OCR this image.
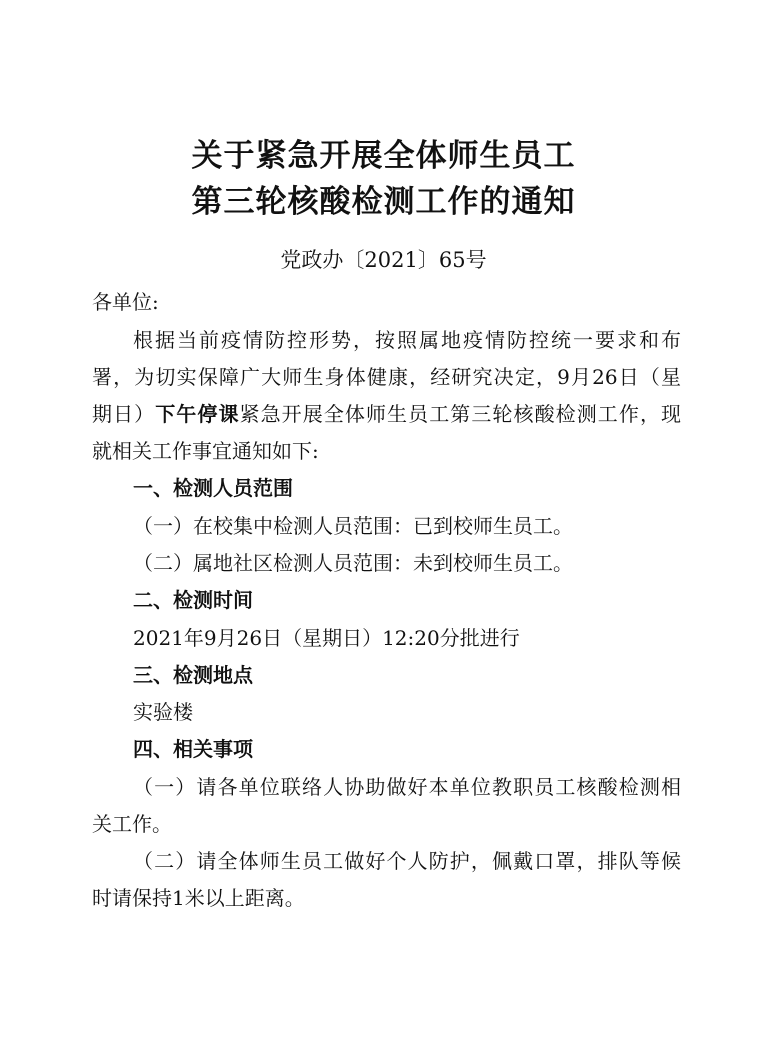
关于紧急开展全体师生员工
第三轮核酸检测工作的通知
党政办〔2021〕65号
各单位:
根据当前疫情防控形势，按照属地疫情防控统一要求和布
署，为切实保障广大师生身体健康，经研究决定，9月26日（星
期日）下午停课紧急开展全体师生员工第三轮核酸检测工作，现
就相关工作事宜通知如下:
一、检测人员范围
（一）在校集中检测人员范围：已到校师生员工。
（二）属地社区检测人员范围：未到校师生员工。
二、检测时间
2021年9月26日（星期日）12:20分批进行
三、检测地点
实验楼
四、相关事项
（一）请各单位联络人协助做好本单位教职员工核酸检测相
关工作。
（二）请全体师生员工做好个人防护，佩戴口罩，排队等候
时请保持1米以上距离。
